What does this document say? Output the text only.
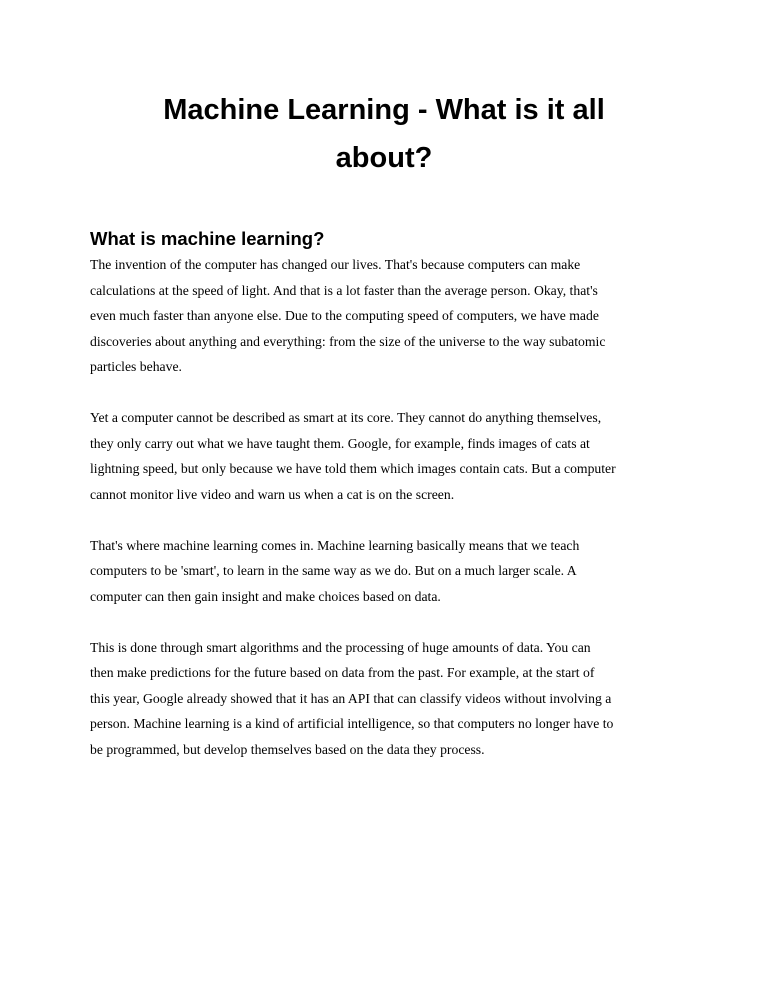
Machine Learning - What is it all
about?
What is machine learning?

The invention of the computer has changed our lives. That's because computers can make
calculations at the speed of light. And that is a lot faster than the average person. Okay, that's
even much faster than anyone else. Due to the computing speed of computers, we have made
discoveries about anything and everything: from the size of the universe to the way subatomic
particles behave.

Yet a computer cannot be described as smart at its core. They cannot do anything themselves,
they only carry out what we have taught them. Google, for example, finds images of cats at
lightning speed, but only because we have told them which images contain cats. But a computer
cannot monitor live video and warn us when a cat is on the screen.

That's where machine learning comes in. Machine learning basically means that we teach
computers to be 'smart', to learn in the same way as we do. But on a much larger scale. A
computer can then gain insight and make choices based on data.

This is done through smart algorithms and the processing of huge amounts of data. You can
then make predictions for the future based on data from the past. For example, at the start of
this year, Google already showed that it has an API that can classify videos without involving a
person. Machine learning is a kind of artificial intelligence, so that computers no longer have to
be programmed, but develop themselves based on the data they process.
